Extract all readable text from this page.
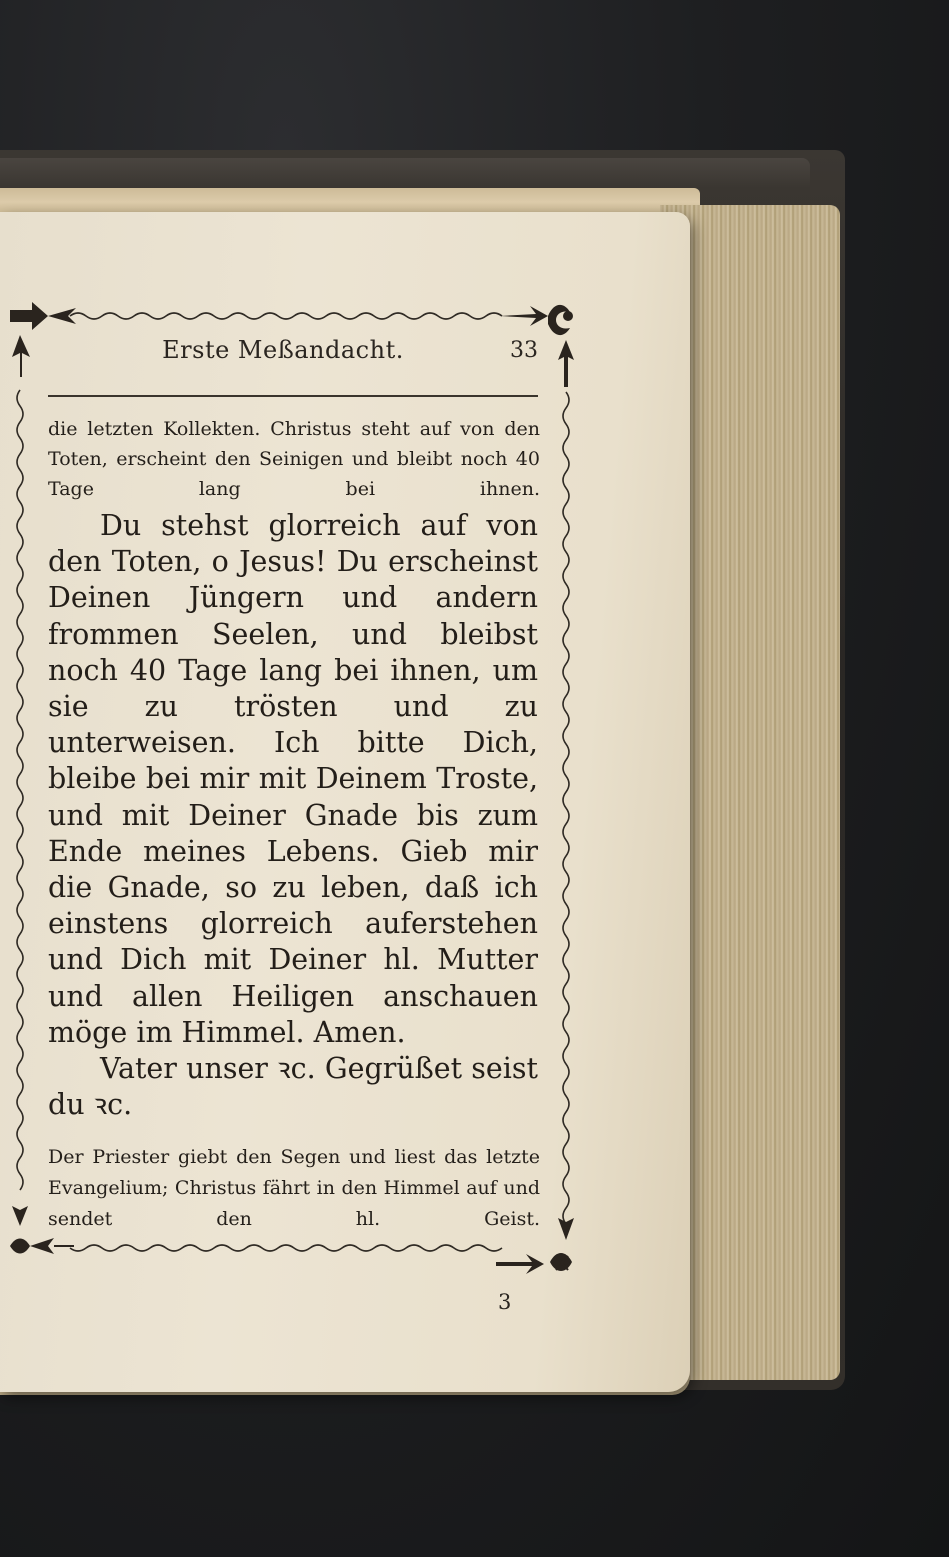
Erste Meßandacht.	33
die letzten Kollekten. Christus steht auf von den Toten, erscheint den Seinigen und bleibt noch 40 Tage lang bei ihnen.

Du stehst glorreich auf von den Toten, o Jesus! Du erscheinst Deinen Jüngern und andern frommen Seelen, und bleibst noch 40 Tage lang bei ihnen, um sie zu trösten und zu unterweisen. Ich bitte Dich, bleibe bei mir mit Deinem Troste, und mit Deiner Gnade bis zum Ende meines Lebens. Gieb mir die Gnade, so zu leben, daß ich einstens glorreich auferstehen und Dich mit Deiner hl. Mutter und allen Heiligen anschauen möge im Himmel. Amen.

Vater unser ꝛc. Gegrüßet seist du ꝛc.

Der Priester giebt den Segen und liest das letzte Evangelium; Christus fährt in den Himmel auf und sendet den hl. Geist.
3
